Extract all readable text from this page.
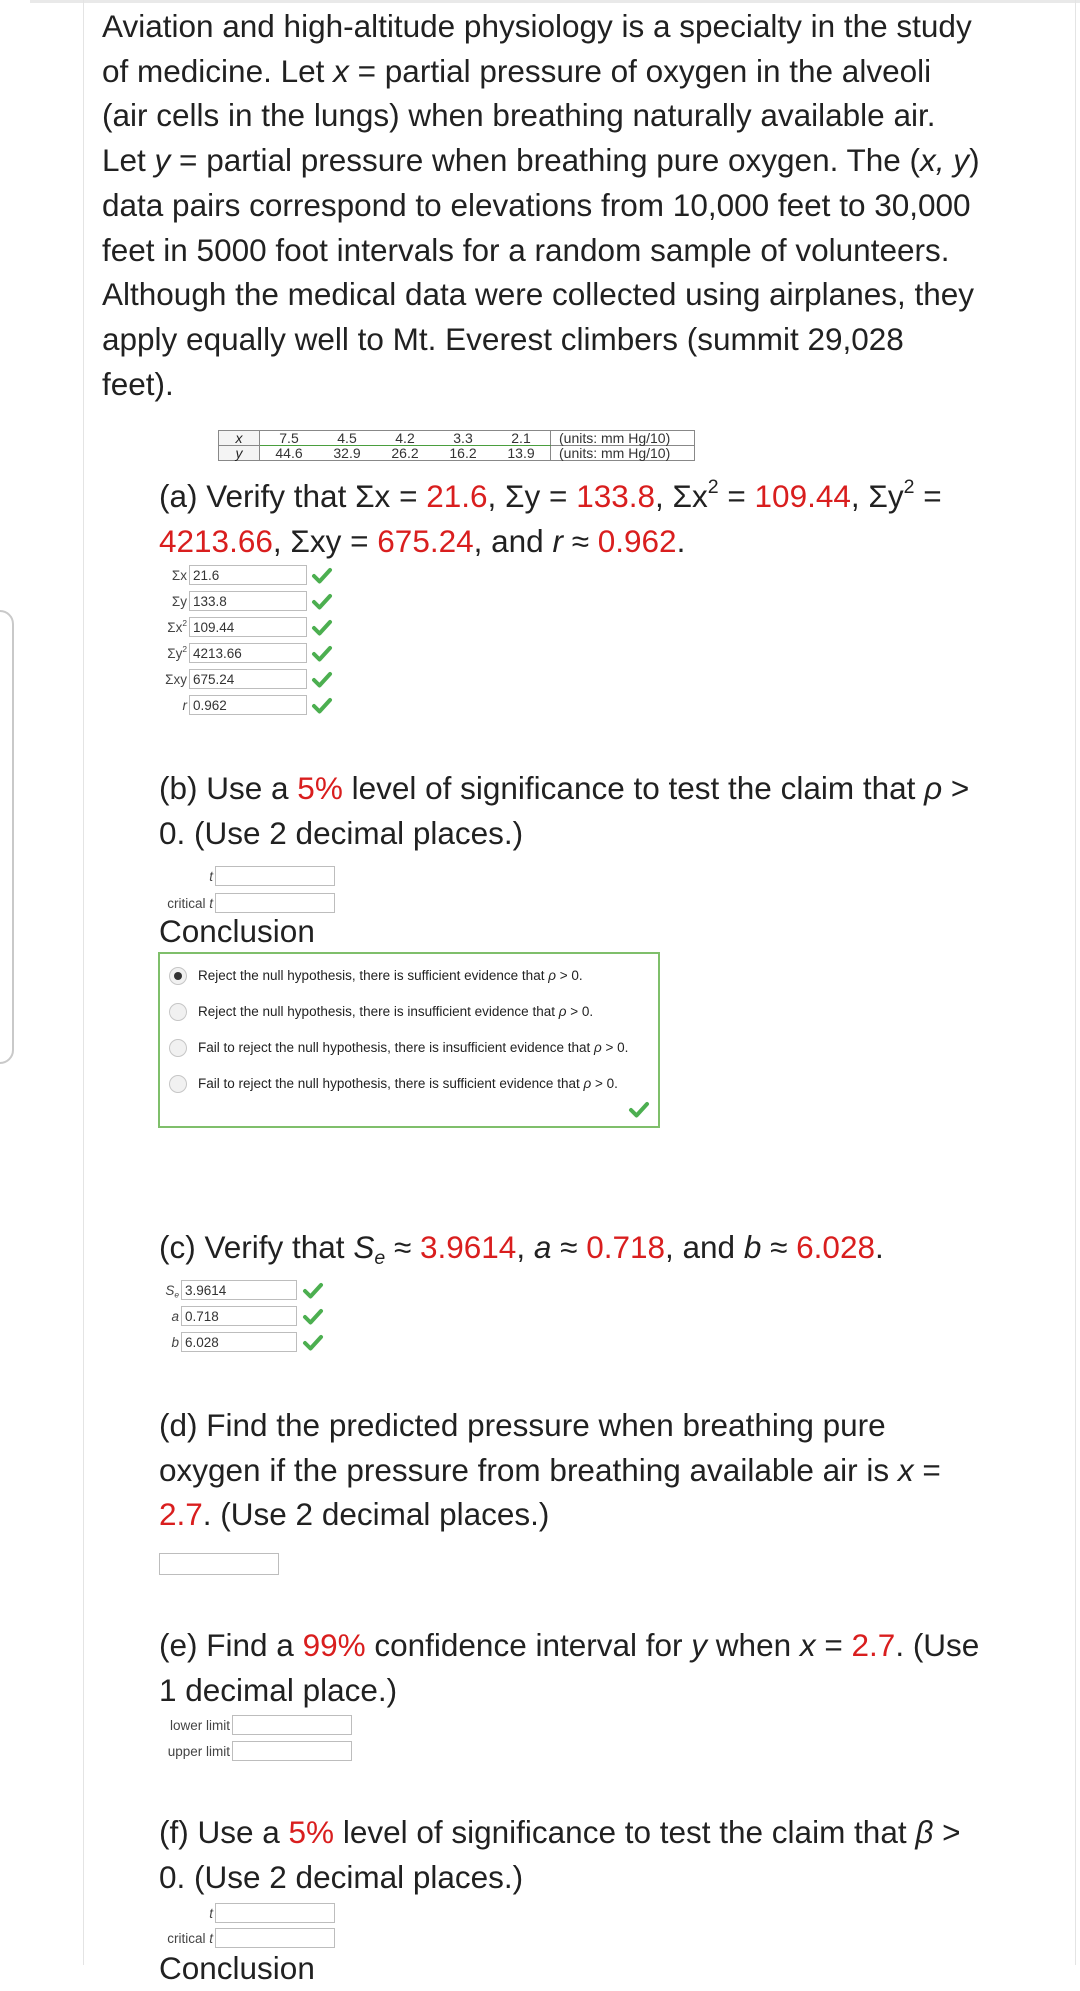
Aviation and high-altitude physiology is a specialty in the study
of medicine. Let x = partial pressure of oxygen in the alveoli
(air cells in the lungs) when breathing naturally available air.
Let y = partial pressure when breathing pure oxygen. The (x, y)
data pairs correspond to elevations from 10,000 feet to 30,000
feet in 5000 foot intervals for a random sample of volunteers.
Although the medical data were collected using airplanes, they
apply equally well to Mt. Everest climbers (summit 29,028
feet).
x	7.5	4.5	4.2	3.3	2.1	(units: mm Hg/10)
y	44.6	32.9	26.2	16.2	13.9	(units: mm Hg/10)
(a) Verify that Σx = 21.6, Σy = 133.8, $\Sigma x^2 = 109.44$, $\Sigma y^2$ =
4213.66, Σxy = 675.24, and r ≈ 0.962.
Σx 21.6
Σy 133.8
$\Sigma x^2$ 109.44
$\Sigma y^2$ 4213.66
Σxy 675.24
r 0.962
(b) Use a 5% level of significance to test the claim that ρ >
0. (Use 2 decimal places.)
t
critical t
Conclusion
Reject the null hypothesis, there is sufficient evidence that ρ > 0.
Reject the null hypothesis, there is insufficient evidence that ρ > 0.
Fail to reject the null hypothesis, there is insufficient evidence that ρ > 0.
Fail to reject the null hypothesis, there is sufficient evidence that ρ > 0.
(c) Verify that $S_e \approx 3.9614$, a ≈ 0.718, and b ≈ 6.028.
$S_e$ 3.9614
a 0.718
b 6.028
(d) Find the predicted pressure when breathing pure
oxygen if the pressure from breathing available air is x =
2.7. (Use 2 decimal places.)
(e) Find a 99% confidence interval for y when x = 2.7. (Use
1 decimal place.)
lower limit
upper limit
(f) Use a 5% level of significance to test the claim that β >
0. (Use 2 decimal places.)
t
critical t
Conclusion
